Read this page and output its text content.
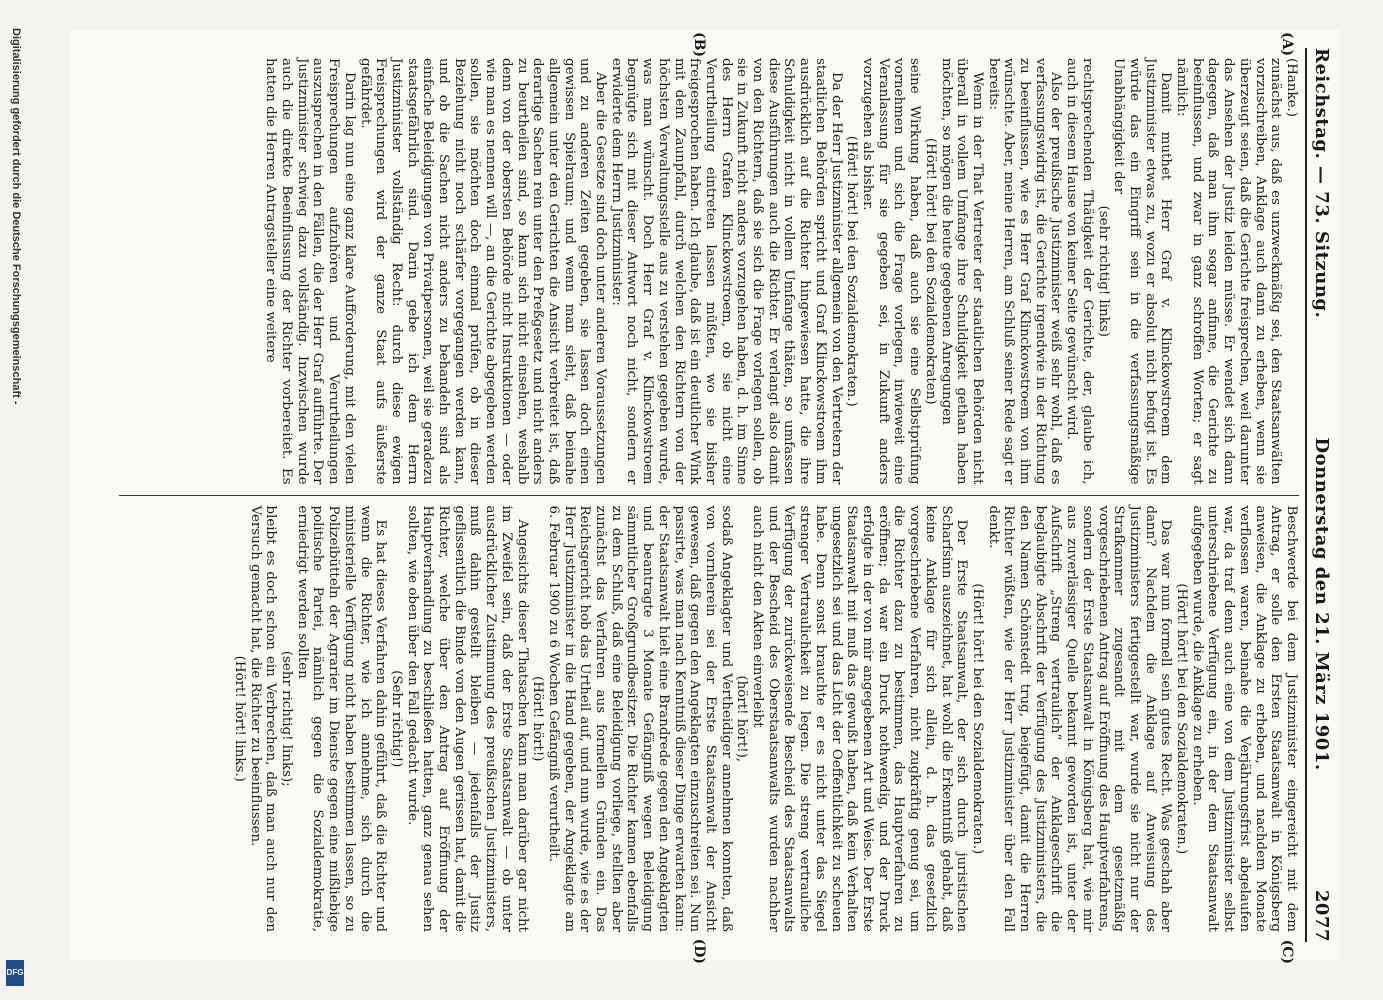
Digitalisierung gefördert durch die Deutsche Forschungsgemeinschaft -
DFG
Reichstag. — 73. Sitzung.
Donnerstag den 21. März 1901.
2077
(A)
(B)
(C)
(D)

(Hanke.)

zunächst aus, daß es unzweckmäßig sei, den Staatsanwälten vorzuschreiben, Anklage auch dann zu erheben, wenn sie überzeugt seien, daß die Gerichte freisprechen, weil darunter das Ansehen der Justiz leiden müsse. Er wendet sich dann dagegen, daß man ihm sogar anfinne, die Gerichte zu beeinflussen, und zwar in ganz schroffen Worten; er sagt nämlich:

Damit muthet Herr Graf v. Klinckowstroem dem Justizminister etwas zu, wozu er absolut nicht befugt ist. Es würde das ein Eingriff sein in die verfassungsmäßige Unabhängigkeit der

(sehr richtig! links)

rechtsprechenden Thätigkeit der Gerichte, der, glaube ich, auch in diesem Hause von keiner Seite gewünscht wird.

Also der preußische Justizminister weiß sehr wohl, daß es verfassungswidrig ist, die Gerichte irgendwie in der Richtung zu beeinflussen, wie es Herr Graf Klinckowstroem von ihm wünschte. Aber, meine Herren, am Schluß seiner Rede sagt er bereits:

Wenn in der That Vertreter der staatlichen Behörden nicht überall in vollem Umfange ihre Schuldigkeit gethan haben möchten, so mögen die heute gegebenen Anregungen

(Hört! hört! bei den Sozialdemokraten)

seine Wirkung haben, daß auch sie eine Selbstprüfung vornehmen und sich die Frage vorlegen, inwieweit eine Veranlassung für sie gegeben sei, in Zukunft anders vorzugehen als bisher.

(Hört! hört! bei den Sozialdemokraten.)

Da der Herr Justizminister allgemein von den Vertretern der staatlichen Behörden spricht und Graf Klinckowstroem ihm ausdrücklich auf die Richter hingewiesen hatte, die ihre Schuldigkeit nicht in vollem Umfange thäten, so umfassen diese Ausführungen auch die Richter. Er verlangt also damit von den Richtern, daß sie sich die Frage vorlegen sollen, ob sie in Zukunft nicht anders vorzugehen haben, d. h. im Sinne des Herrn Grafen Klinckowstroem, ob sie nicht eine Verurtheilung eintreten lassen müßten, wo sie bisher freigesprochen haben. Ich glaube, daß ist ein deutlicher Wink mit dem Zaunpfahl, durch welchen den Richtern von der höchsten Verwaltungsstelle aus zu verstehen gegeben wurde, was man wünscht. Doch Herr Graf v. Klinckowstroem begnügte sich mit dieser Antwort noch nicht, sondern er erwiderte dem Herrn Justizminister:

Aber die Gesetze sind doch unter anderen Voraussetzungen und zu anderen Zeiten gegeben, sie lassen doch einen gewissen Spielraum; und wenn man sieht, daß beinahe allgemein unter den Gerichten die Ansicht verbreitet ist, daß derartige Sachen rein unter den Preßgesetz und nicht anders zu beurtheilen sind, so kann sich nicht einsehen, weshalb denn von der obersten Behörde nicht Instruktionen — oder wie man es nennen will —, an die Gerichte abgegeben werden sollen, sie möchten doch einmal prüfen, ob in dieser Beziehung nicht noch schärfer vorgegangen werden kann, und ob die Sachen nicht anders zu behandeln sind als einfache Beleidigungen von Privatpersonen, weil sie geradezu staatsgefährlich sind. Darin gebe ich dem Herrn Justizminister vollständig Recht: durch diese ewigen Freisprechungen wird der ganze Staat aufs äußerste gefährdet.

Darin lag nun eine ganz klare Aufforderung, mit den vielen Freisprechungen aufzuhören und Verurtheilungen auszusprechen in den Fällen, die der Herr Graf aufführte. Der Justizminister schwieg dazu vollständig. Inzwischen wurde auch die direkte Beeinflussung der Richter vorbereitet. Es hatten die Herren Antragsteller eine weitere

Beschwerde bei dem Justizminister eingereicht mit dem Antrag, er solle den Ersten Staatsanwalt in Königsberg anweisen, die Anklage zu erheben, und nachdem Monate verflossen waren, beinahe die Verjährungsfrist abgelaufen war, da traf denn auch eine von dem Justizminister selbst unterschriebene Verfügung ein, in der dem Staatsanwalt aufgegeben wurde, die Anklage zu erheben.

(Hört! hört! bei den Sozialdemokraten.)

Das war nun formell sein gutes Recht. Was geschah aber dann? Nachdem die Anklage auf Anweisung des Justizministers fertiggestellt war, wurde sie nicht nur der Strafkammer zugesandt mit dem gesetzmäßig vorgeschriebenen Antrag auf Eröffnung des Hauptverfahrens, sondern der Erste Staatsanwalt in Königsberg hat, wie mir aus zuverlässiger Quelle bekannt geworden ist, unter der Aufschrift „Streng vertraulich“ der Anklageschrift die beglaubigte Abschrift der Verfügung des Justizministers, die den Namen Schönstedt trug, beigefügt, damit die Herren Richter wüßten, wie der Herr Justizminister über den Fall denkt.

(Hört! hört! bei den Sozialdemokraten.)

Der Erste Staatsanwalt, der sich durch juristischen Scharfsinn auszeichnet, hat wohl die Erkenntniß gehabt, daß keine Anklage für sich allein, d. h. das gesetzlich vorgeschriebene Verfahren, nicht zugkräftig genug sei, um die Richter dazu zu bestimmen, das Hauptverfahren zu eröffnen; da war ein Druck nothwendig, und der Druck erfolgte in der von mir angegebenen Art und Weise. Der Erste Staatsanwalt mit muß das gewußt haben, daß kein Verhalten ungesetzlich sei und das Licht der Oeffentlichkeit zu scheuen habe. Denn sonst brauchte er es nicht unter das Siegel strenger Vertraulichkeit zu legen. Die streng vertrauliche Verfügung der zurückweisende Bescheid des Staatsanwalts und der Bescheid des Oberstaatsanwalts wurden nachher auch nicht den Akten einverleibt

(hört! hört!),

sodaß Angeklagter und Vertheidiger annehmen konnten, daß von vornherein sei der Erste Staatsanwalt der Ansicht gewesen, daß gegen den Angeklagten einzuschreiten sei. Nun passirte, was man nach Kenntniß dieser Dinge erwarten kann: der Staatsanwalt hielt eine Brandrede gegen den Angeklagten und beantragte 3 Monate Gefängniß wegen Beleidigung sämmtlicher Großgrundbesitzer. Die Richter kamen ebenfalls zu dem Schluß, daß eine Beleidigung vorliege, stellten aber zunächst das Verfahren aus formellen Gründen ein. Das Reichsgericht hob das Urtheil auf, und nun wurde, wie es der Herr Justizminister in die Hand gegeben, der Angeklagte am 6. Februar 1900 zu 6 Wochen Gefängniß verurtheilt.

(Hört! hört!)

Angesichts dieser Thatsachen kann man darüber gar nicht im Zweifel sein, daß der Erste Staatsanwalt — ob unter ausdrücklicher Zustimmung des preußischen Justizministers, muß dahin gestellt bleiben — jedenfalls der Justiz geflissentlich die Binde von den Augen gerissen hat, damit die Richter, welche über den Antrag auf Eröffnung der Hauptverhandlung zu beschließen hatten, ganz genau sehen sollten, wie oben über den Fall gedacht wurde.

(Sehr richtig!)

Es hat dieses Verfahren dahin geführt, daß die Richter und wenn die Richter, wie ich annehme, sich durch die ministerielle Verfügung nicht haben bestimmen lassen, so zu Polizeibütteln der Agrarier im Dienste gegen eine mißliebige politische Partei, nämlich gegen die Sozialdemokratie, erniedrigt werden sollten

(sehr richtig! links);

bleibt es doch schon ein Verbrechen, daß man auch nur den Versuch gemacht hat, die Richter zu beeinflussen.

(Hört! hört! links.)
